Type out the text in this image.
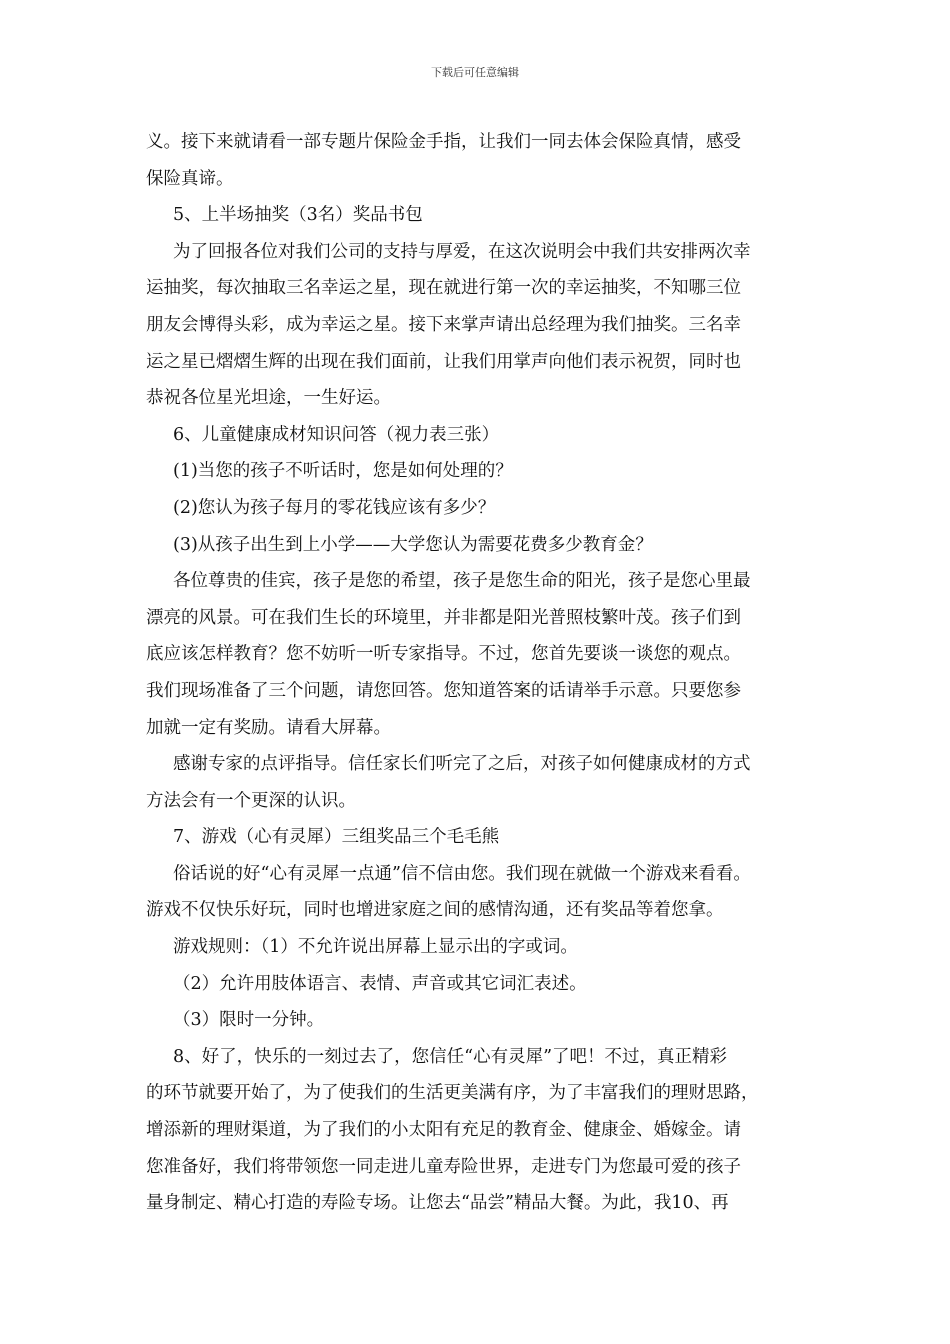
下载后可任意编辑
义。接下来就请看一部专题片保险金手指，让我们一同去体会保险真情，感受
保险真谛。
5、上半场抽奖（3名）奖品书包
为了回报各位对我们公司的支持与厚爱，在这次说明会中我们共安排两次幸
运抽奖，每次抽取三名幸运之星，现在就进行第一次的幸运抽奖，不知哪三位
朋友会博得头彩，成为幸运之星。接下来掌声请出总经理为我们抽奖。三名幸
运之星已熠熠生辉的出现在我们面前，让我们用掌声向他们表示祝贺，同时也
恭祝各位星光坦途，一生好运。
6、儿童健康成材知识问答（视力表三张）
(1)当您的孩子不听话时，您是如何处理的？
(2)您认为孩子每月的零花钱应该有多少？
(3)从孩子出生到上小学——大学您认为需要花费多少教育金？
各位尊贵的佳宾，孩子是您的希望，孩子是您生命的阳光，孩子是您心里最
漂亮的风景。可在我们生长的环境里，并非都是阳光普照枝繁叶茂。孩子们到
底应该怎样教育？您不妨听一听专家指导。不过，您首先要谈一谈您的观点。
我们现场准备了三个问题，请您回答。您知道答案的话请举手示意。只要您参
加就一定有奖励。请看大屏幕。
感谢专家的点评指导。信任家长们听完了之后，对孩子如何健康成材的方式
方法会有一个更深的认识。
7、游戏（心有灵犀）三组奖品三个毛毛熊
俗话说的好“心有灵犀一点通”信不信由您。我们现在就做一个游戏来看看。
游戏不仅快乐好玩，同时也增进家庭之间的感情沟通，还有奖品等着您拿。
游戏规则：（1）不允许说出屏幕上显示出的字或词。
（2）允许用肢体语言、表情、声音或其它词汇表述。
（3）限时一分钟。
8、好了，快乐的一刻过去了，您信任“心有灵犀”了吧！不过，真正精彩
的环节就要开始了，为了使我们的生活更美满有序，为了丰富我们的理财思路，
增添新的理财渠道，为了我们的小太阳有充足的教育金、健康金、婚嫁金。请
您准备好，我们将带领您一同走进儿童寿险世界，走进专门为您最可爱的孩子
量身制定、精心打造的寿险专场。让您去“品尝”精品大餐。为此，我10、再
